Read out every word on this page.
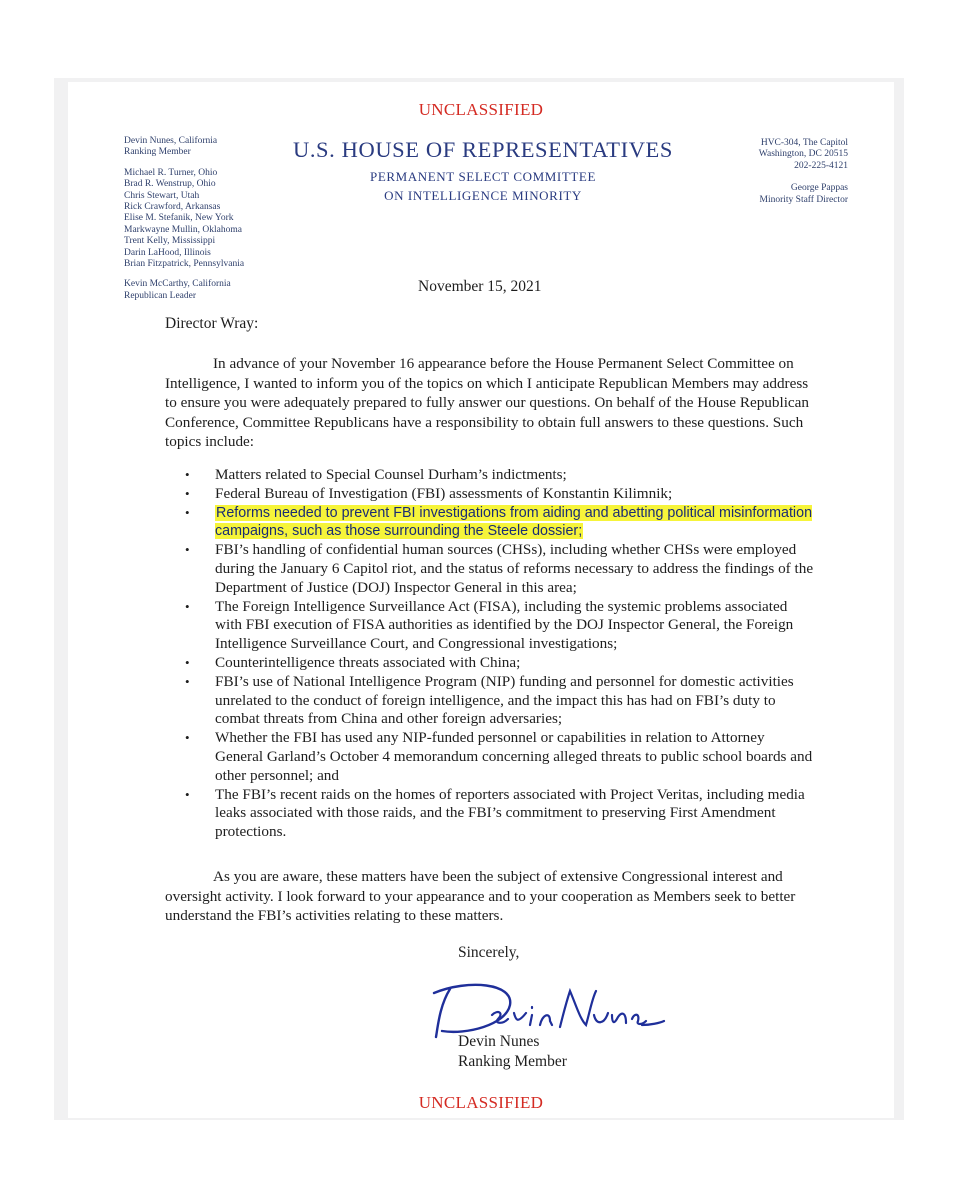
UNCLASSIFIED
Devin Nunes, California
Ranking Member
Michael R. Turner, Ohio
Brad R. Wenstrup, Ohio
Chris Stewart, Utah
Rick Crawford, Arkansas
Elise M. Stefanik, New York
Markwayne Mullin, Oklahoma
Trent Kelly, Mississippi
Darin LaHood, Illinois
Brian Fitzpatrick, Pennsylvania
Kevin McCarthy, California
Republican Leader
U.S. HOUSE OF REPRESENTATIVES
PERMANENT SELECT COMMITTEE
ON INTELLIGENCE MINORITY
HVC-304, The Capitol
Washington, DC 20515
202-225-4121
George Pappas
Minority Staff Director
November 15, 2021
Director Wray:
In advance of your November 16 appearance before the House Permanent Select Committee on Intelligence, I wanted to inform you of the topics on which I anticipate Republican Members may address to ensure you were adequately prepared to fully answer our questions. On behalf of the House Republican Conference, Committee Republicans have a responsibility to obtain full answers to these questions. Such topics include:
• Matters related to Special Counsel Durham’s indictments;
• Federal Bureau of Investigation (FBI) assessments of Konstantin Kilimnik;
• Reforms needed to prevent FBI investigations from aiding and abetting political misinformation campaigns, such as those surrounding the Steele dossier;
• FBI’s handling of confidential human sources (CHSs), including whether CHSs were employed during the January 6 Capitol riot, and the status of reforms necessary to address the findings of the Department of Justice (DOJ) Inspector General in this area;
• The Foreign Intelligence Surveillance Act (FISA), including the systemic problems associated with FBI execution of FISA authorities as identified by the DOJ Inspector General, the Foreign Intelligence Surveillance Court, and Congressional investigations;
• Counterintelligence threats associated with China;
• FBI’s use of National Intelligence Program (NIP) funding and personnel for domestic activities unrelated to the conduct of foreign intelligence, and the impact this has had on FBI’s duty to combat threats from China and other foreign adversaries;
• Whether the FBI has used any NIP-funded personnel or capabilities in relation to Attorney General Garland’s October 4 memorandum concerning alleged threats to public school boards and other personnel; and
• The FBI’s recent raids on the homes of reporters associated with Project Veritas, including media leaks associated with those raids, and the FBI’s commitment to preserving First Amendment protections.
As you are aware, these matters have been the subject of extensive Congressional interest and oversight activity. I look forward to your appearance and to your cooperation as Members seek to better understand the FBI’s activities relating to these matters.
Sincerely,
Devin Nunes
Ranking Member
UNCLASSIFIED
